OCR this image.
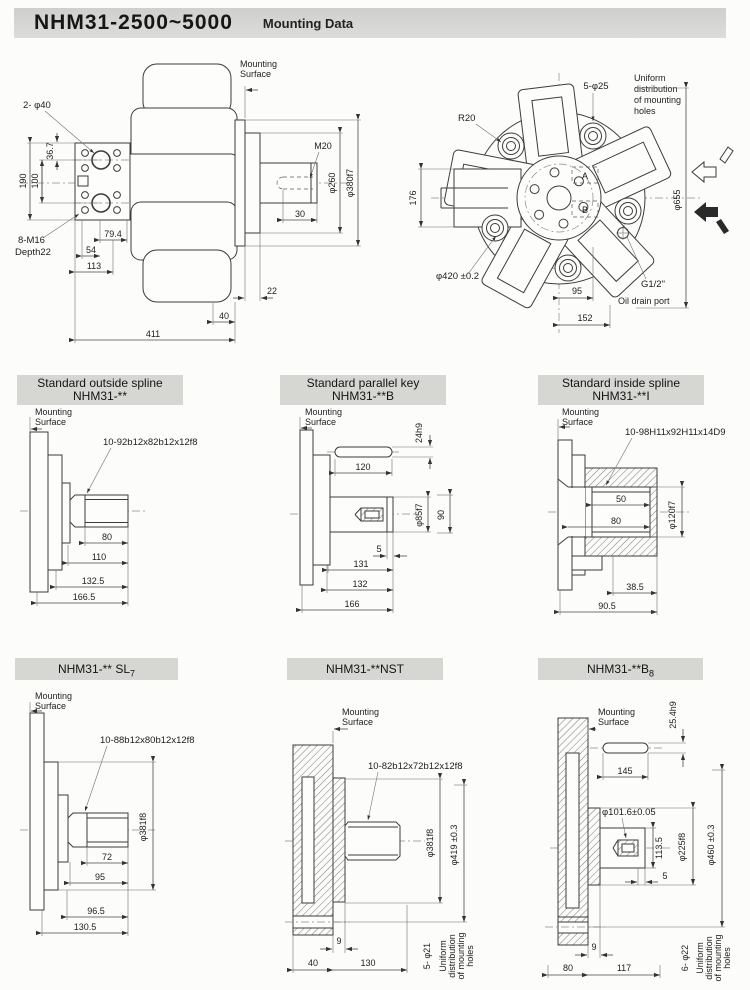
NHM31-2500~5000 Mounting Data
190 100
36.7
2- φ40
8-M16
Depth22
79.4
54
113
22
40
411
30
M20
φ260 φ380f7
Mounting
Surface
A
B
R20
5-φ25
Uniform
distribution
of mounting
holes
176	φ655
φ420 ±0.2
95
152
G1/2"
Oil drain port
Standard outside spline
NHM31-**
Standard parallel key
NHM31-**B
Standard inside spline
NHM31-**I
NHM31-** $SL_7$	NHM31-**NST	$NHM31-**B_8$
Mounting
Surface
10-92b12x82b12x12f8
80
110
132.5
166.5
Mounting
Surface
24h9
120
φ85f7 90
5
131
132
166
Mounting
Surface
10-98H11x92H11x14D9
50
80	φ120f7
38.5
90.5
Mounting
Surface
10-88b12x80b12x12f8
φ381f8
72
95
96.5
130.5
Mounting
Surface
10-82b12x72b12x12f8
φ381f8 φ419 ±0.3
9
40	130	5- φ21 Uniform distribution of mounting holes
25.4h9
Mounting
Surface
145
φ101.6±0.05
113.5 φ225f8 φ460 ±0.3
5
9
80	117	6- φ22 Uniform distribution of mounting holes
